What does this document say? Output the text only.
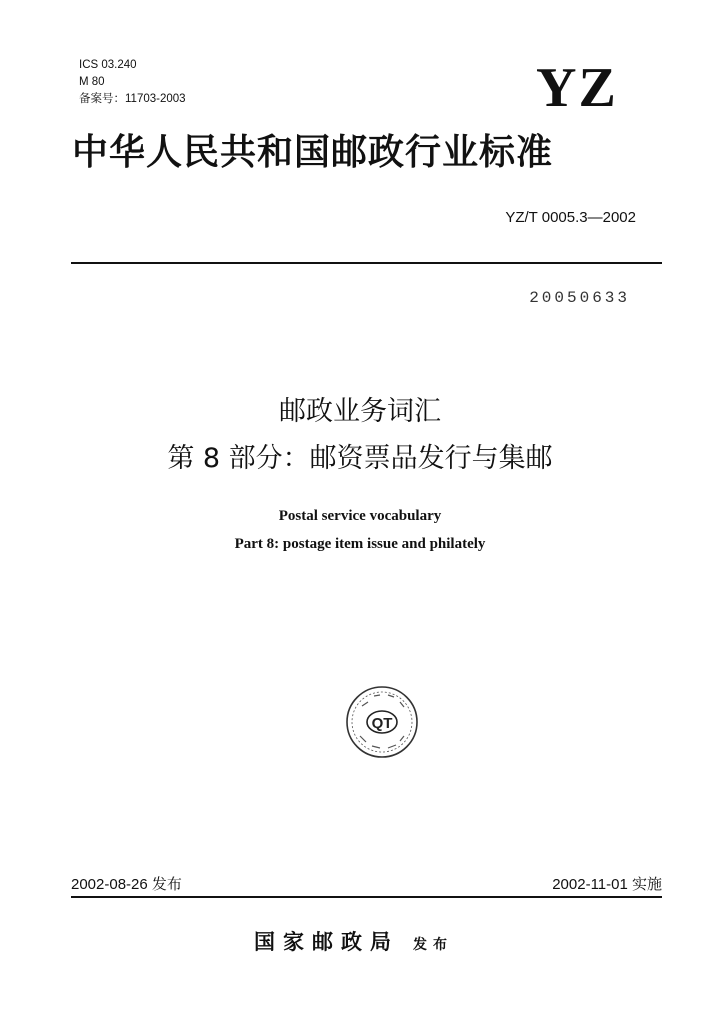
ICS 03.240
M 80
备案号：11703-2003	YZ
中华人民共和国邮政行业标准
YZ/T 0005.3—2002
20050633
邮政业务词汇
第 8 部分：邮资票品发行与集邮
Postal service vocabulary
Part 8: postage item issue and philately
QT
2002-08-26 发布	2002-11-01 实施
国家邮政局 发布
